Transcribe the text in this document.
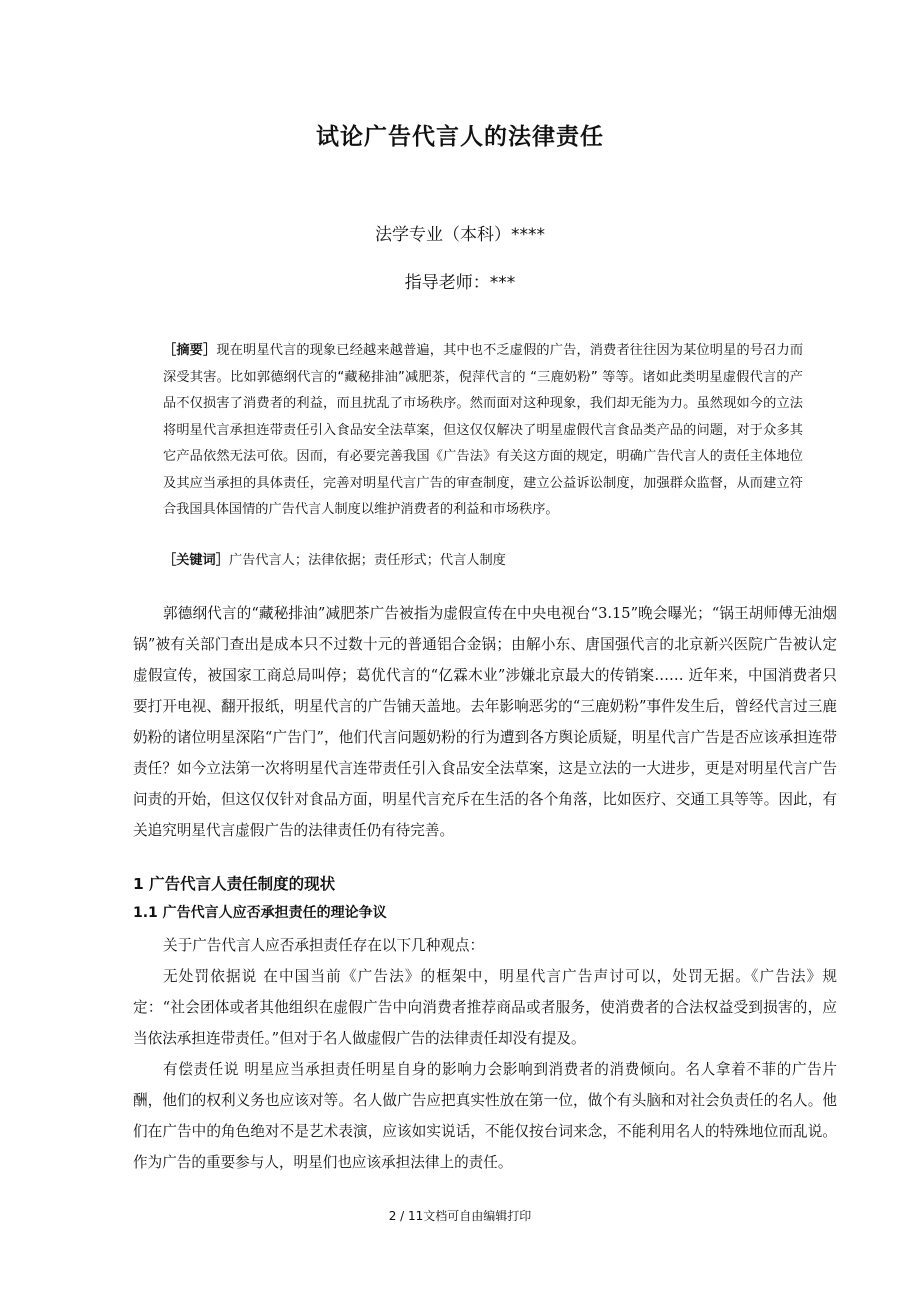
试论广告代言人的法律责任
法学专业（本科）****
指导老师：***

［摘要］现在明星代言的现象已经越来越普遍，其中也不乏虚假的广告，消费者往往因为某位明星的号召力而深受其害。比如郭德纲代言的“藏秘排油”减肥茶，倪萍代言的 “三鹿奶粉” 等等。诸如此类明星虚假代言的产品不仅损害了消费者的利益，而且扰乱了市场秩序。然而面对这种现象，我们却无能为力。虽然现如今的立法将明星代言承担连带责任引入食品安全法草案，但这仅仅解决了明星虚假代言食品类产品的问题，对于众多其它产品依然无法可依。因而，有必要完善我国《广告法》有关这方面的规定，明确广告代言人的责任主体地位及其应当承担的具体责任，完善对明星代言广告的审查制度，建立公益诉讼制度，加强群众监督，从而建立符合我国具体国情的广告代言人制度以维护消费者的利益和市场秩序。

［关键词］广告代言人；法律依据；责任形式；代言人制度

郭德纲代言的“藏秘排油”减肥茶广告被指为虚假宣传在中央电视台“3.15”晚会曝光；“锅王胡师傅无油烟锅”被有关部门查出是成本只不过数十元的普通铝合金锅；由解小东、唐国强代言的北京新兴医院广告被认定虚假宣传，被国家工商总局叫停；葛优代言的“亿霖木业”涉嫌北京最大的传销案…… 近年来，中国消费者只要打开电视、翻开报纸，明星代言的广告铺天盖地。去年影响恶劣的“三鹿奶粉”事件发生后，曾经代言过三鹿奶粉的诸位明星深陷“广告门”，他们代言问题奶粉的行为遭到各方舆论质疑，明星代言广告是否应该承担连带责任？如今立法第一次将明星代言连带责任引入食品安全法草案，这是立法的一大进步，更是对明星代言广告问责的开始，但这仅仅针对食品方面，明星代言充斥在生活的各个角落，比如医疗、交通工具等等。因此，有关追究明星代言虚假广告的法律责任仍有待完善。

1 广告代言人责任制度的现状
1.1 广告代言人应否承担责任的理论争议

关于广告代言人应否承担责任存在以下几种观点：

无处罚依据说 在中国当前《广告法》的框架中，明星代言广告声讨可以，处罚无据。《广告法》规定：“社会团体或者其他组织在虚假广告中向消费者推荐商品或者服务，使消费者的合法权益受到损害的，应当依法承担连带责任。”但对于名人做虚假广告的法律责任却没有提及。

有偿责任说 明星应当承担责任明星自身的影响力会影响到消费者的消费倾向。名人拿着不菲的广告片酬，他们的权利义务也应该对等。名人做广告应把真实性放在第一位，做个有头脑和对社会负责任的名人。他们在广告中的角色绝对不是艺术表演，应该如实说话，不能仅按台词来念，不能利用名人的特殊地位而乱说。作为广告的重要参与人，明星们也应该承担法律上的责任。

2 / 11文档可自由编辑打印
